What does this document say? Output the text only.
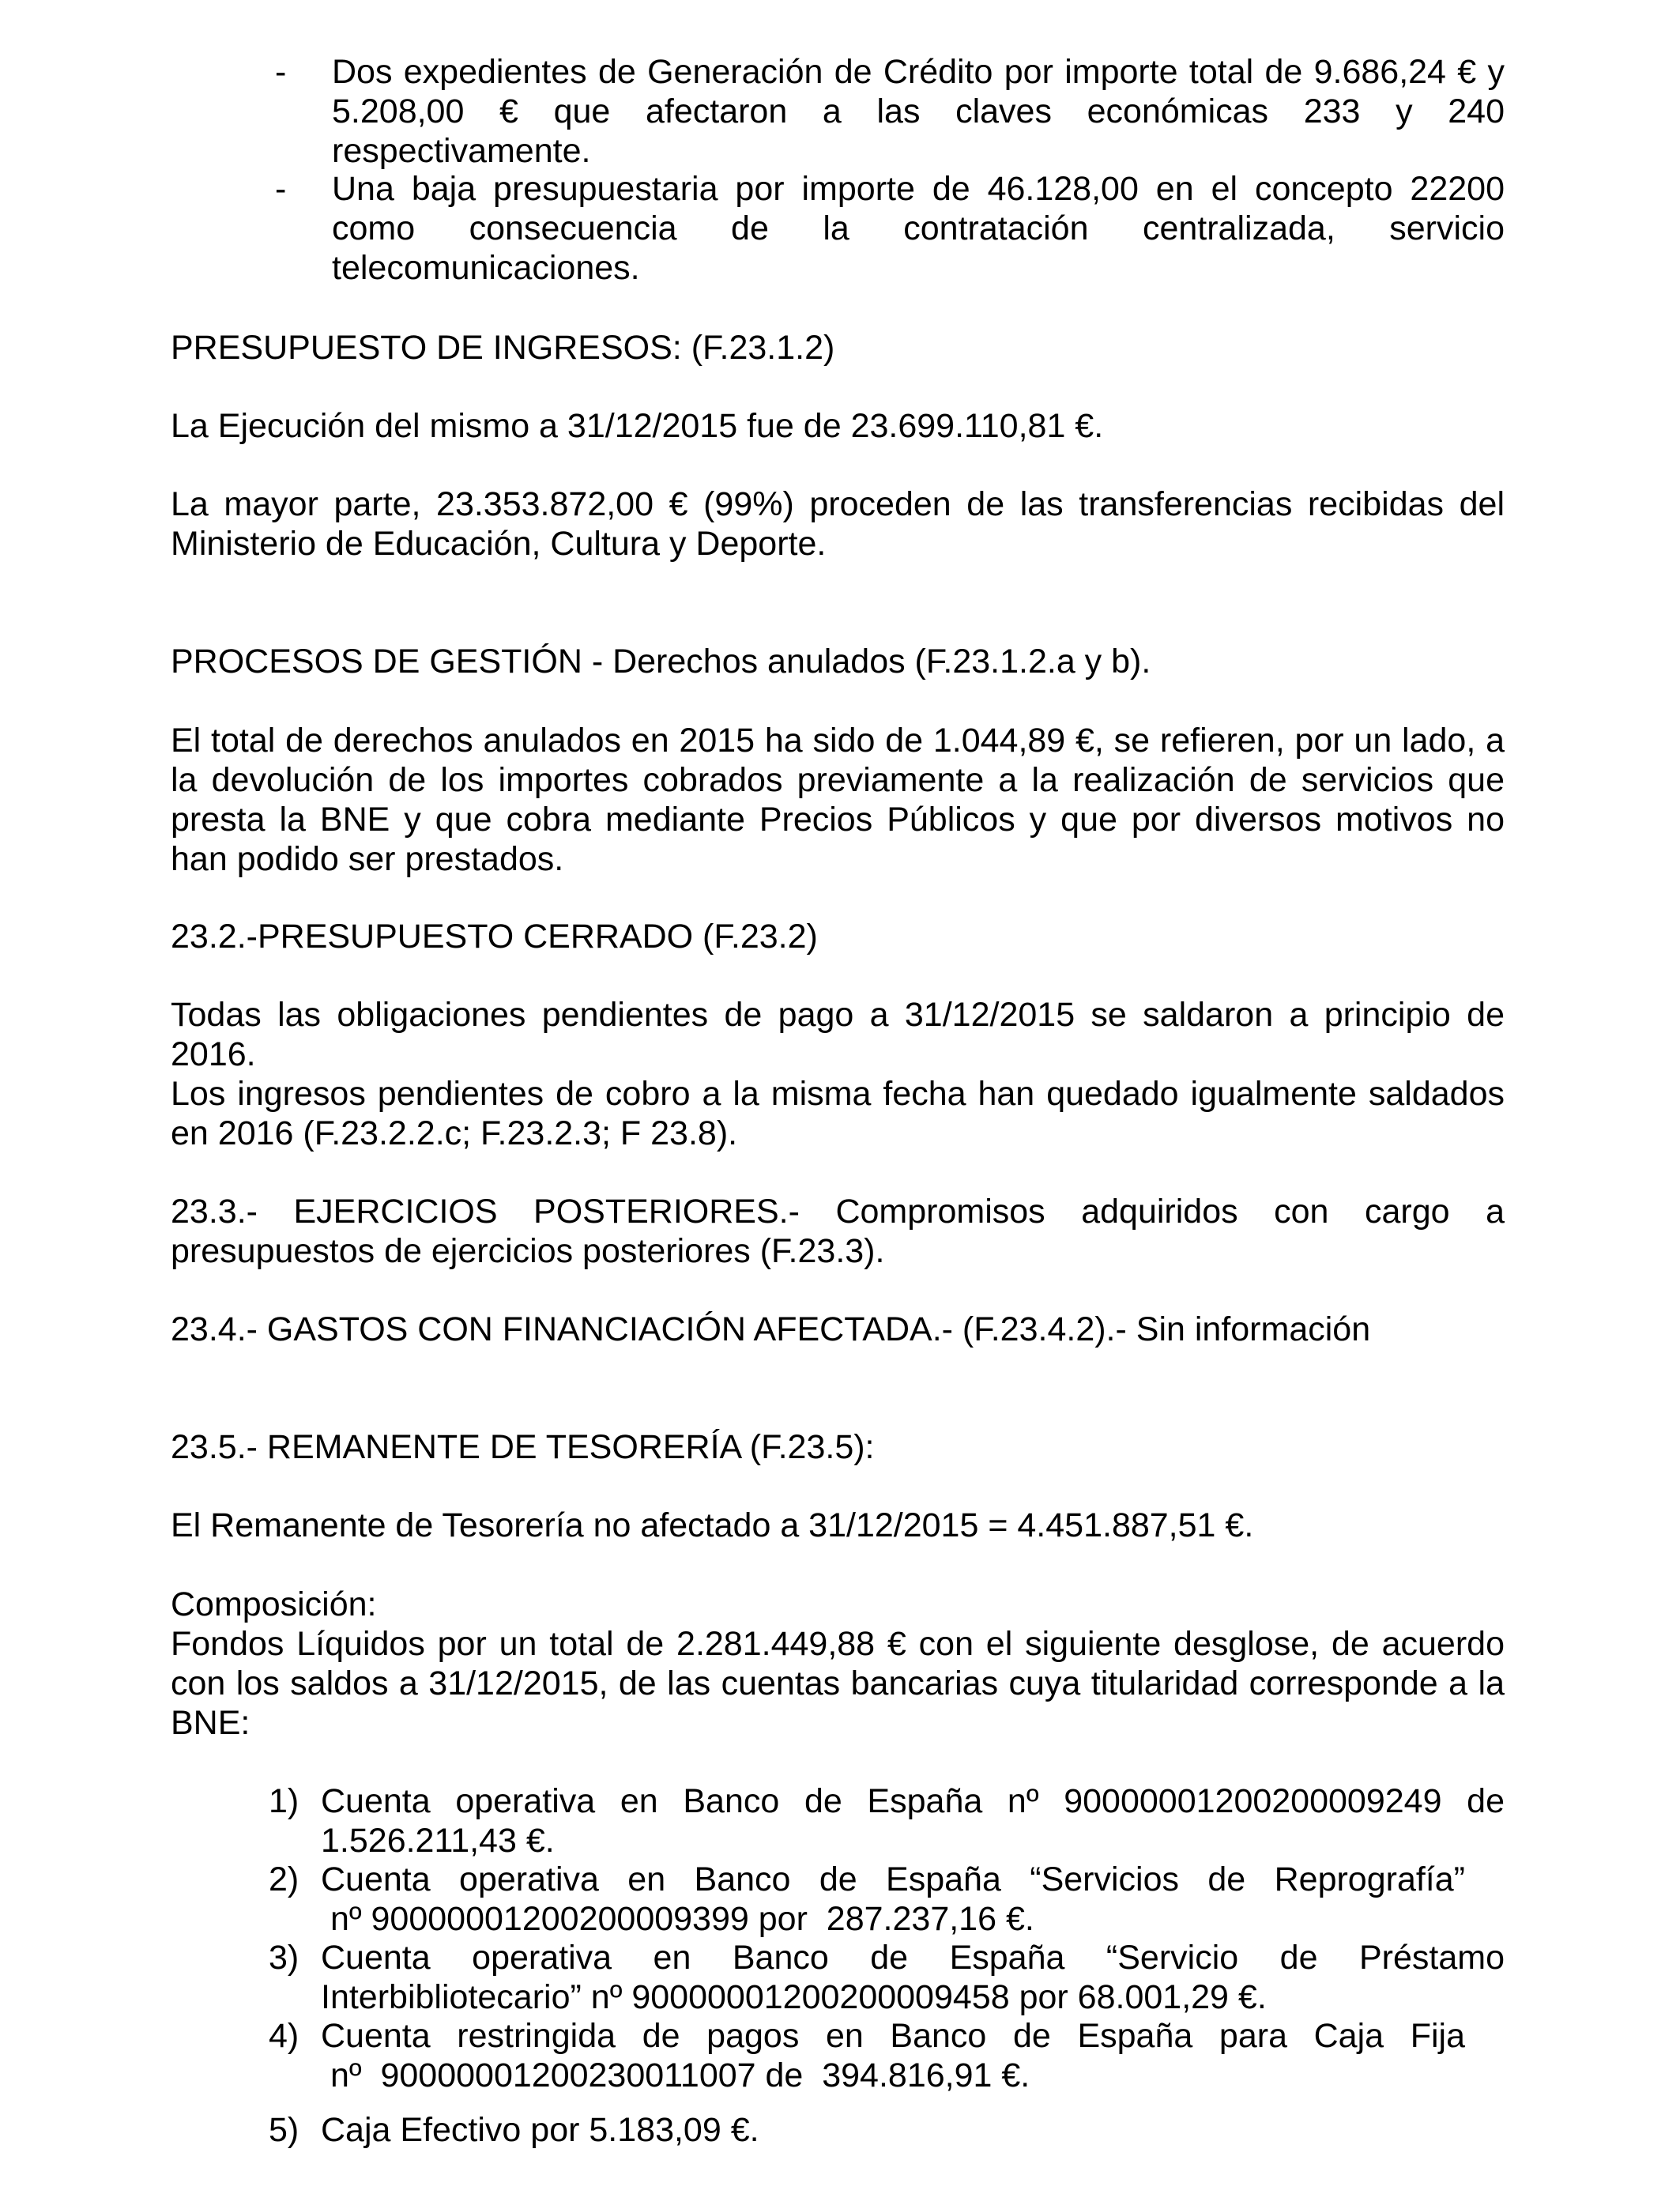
-	Dos expedientes de Generación de Crédito por importe total de 9.686,24 € y
5.208,00 € que afectaron a las claves económicas 233 y 240
respectivamente.
-	Una baja presupuestaria por importe de 46.128,00 en el concepto 22200
como consecuencia de la contratación centralizada, servicio
telecomunicaciones.

PRESUPUESTO DE INGRESOS: (F.23.1.2)

La Ejecución del mismo a 31/12/2015 fue de 23.699.110,81 €.

La mayor parte, 23.353.872,00 € (99%) proceden de las transferencias recibidas del
Ministerio de Educación, Cultura y Deporte.

PROCESOS DE GESTIÓN - Derechos anulados (F.23.1.2.a y b).

El total de derechos anulados en 2015 ha sido de 1.044,89 €, se refieren, por un lado, a
la devolución de los importes cobrados previamente a la realización de servicios que
presta la BNE y que cobra mediante Precios Públicos y que por diversos motivos no
han podido ser prestados.

23.2.-PRESUPUESTO CERRADO (F.23.2)

Todas las obligaciones pendientes de pago a 31/12/2015 se saldaron a principio de
2016.
Los ingresos pendientes de cobro a la misma fecha han quedado igualmente saldados
en 2016 (F.23.2.2.c; F.23.2.3; F 23.8).
23.3.- EJERCICIOS POSTERIORES.- Compromisos adquiridos con cargo a
presupuestos de ejercicios posteriores (F.23.3).

23.4.- GASTOS CON FINANCIACIÓN AFECTADA.- (F.23.4.2).- Sin información

23.5.- REMANENTE DE TESORERÍA (F.23.5):

El Remanente de Tesorería no afectado a 31/12/2015 = 4.451.887,51 €.

Composición:
Fondos Líquidos por un total de 2.281.449,88 € con el siguiente desglose, de acuerdo
con los saldos a 31/12/2015, de las cuentas bancarias cuya titularidad corresponde a la
BNE:
1) Cuenta operativa en Banco de España nº 90000001200200009249 de
1.526.211,43 €.
2) Cuenta operativa en Banco de España “Servicios de Reprografía”
nº 90000001200200009399 por  287.237,16 €.
3) Cuenta operativa en Banco de España “Servicio de Préstamo
Interbibliotecario” nº 90000001200200009458 por 68.001,29 €.
4) Cuenta restringida de pagos en Banco de España para Caja Fija
nº  90000001200230011007 de  394.816,91 €.
5) Caja Efectivo por 5.183,09 €.
